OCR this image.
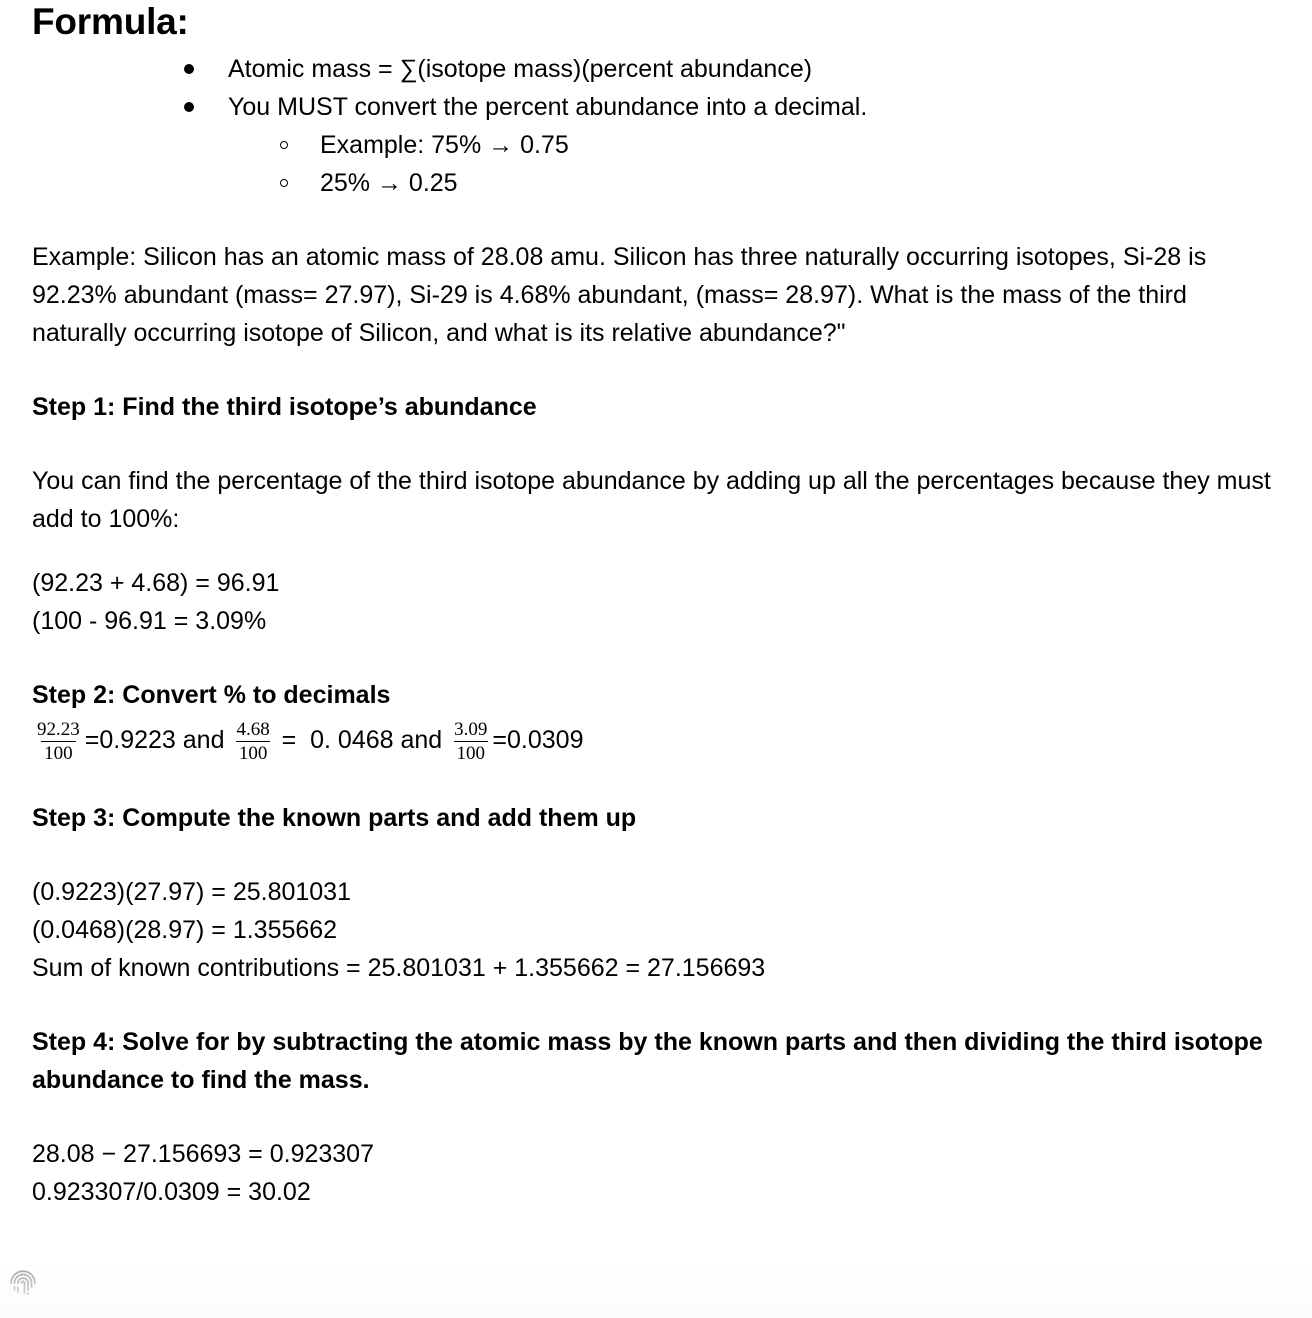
Formula:
Atomic mass = ∑(isotope mass)(percent abundance)
You MUST convert the percent abundance into a decimal.
Example: 75% → 0.75
25% → 0.25

Example: Silicon has an atomic mass of 28.08 amu. Silicon has three naturally occurring isotopes, Si-28 is 92.23% abundant (mass= 27.97), Si-29 is 4.68% abundant, (mass= 28.97). What is the mass of the third naturally occurring isotope of Silicon, and what is its relative abundance?"

Step 1: Find the third isotope’s abundance

You can find the percentage of the third isotope abundance by adding up all the percentages because they must add to 100%:

(92.23 + 4.68) = 96.91

(100 - 96.91 = 3.09%

Step 2: Convert % to decimals
$\frac{92.23}{100} =0.9223$ and $\frac{4.68}{100} = 0$. 0468 and $\frac{3.09}{100} =0.0309$
Step 3: Compute the known parts and add them up

(0.9223)(27.97) = 25.801031

(0.0468)(28.97) = 1.355662

Sum of known contributions = 25.801031 + 1.355662 = 27.156693

Step 4: Solve for by subtracting the atomic mass by the known parts and then dividing the third isotope abundance to find the mass.

28.08 − 27.156693 = 0.923307

0.923307/0.0309 = 30.02
